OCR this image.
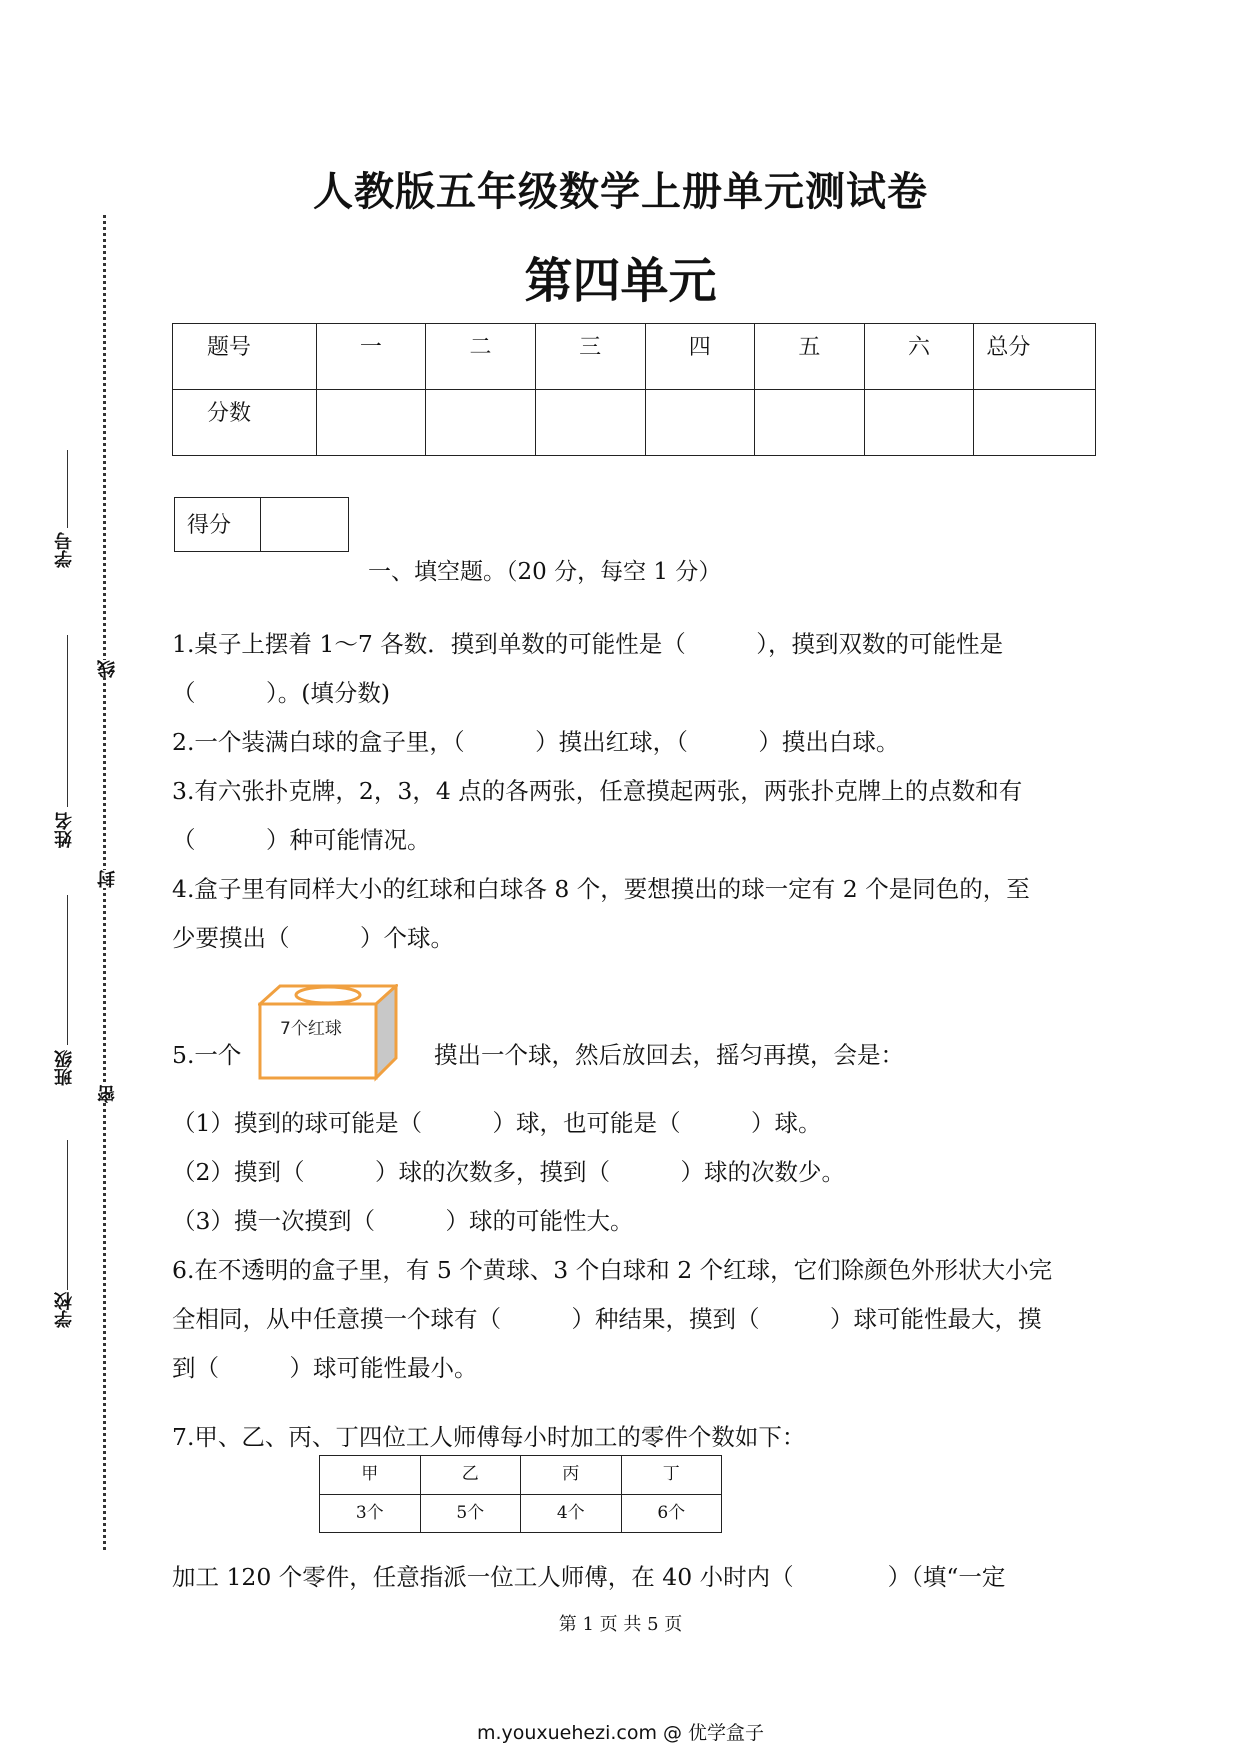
学号
姓名
班级
学校
线
封
密
人教版五年级数学上册单元测试卷
第四单元
题号	一	二	三	四	五	六	总分
分数							
得分
一、填空题。（20 分，每空 1 分）
1.桌子上摆着 1～7 各数．摸到单数的可能性是（　　　），摸到双数的可能性是
（　　　）。(填分数)
2.一个装满白球的盒子里，（　　　）摸出红球，（　　　）摸出白球。
3.有六张扑克牌，2，3，4 点的各两张，任意摸起两张，两张扑克牌上的点数和有
（　　　）种可能情况。
4.盒子里有同样大小的红球和白球各 8 个，要想摸出的球一定有 2 个是同色的，至
少要摸出（　　　）个球。
5.一个
7个红球
摸出一个球，然后放回去，摇匀再摸，会是：
（1）摸到的球可能是（　　　）球，也可能是（　　　）球。
（2）摸到（　　　）球的次数多，摸到（　　　）球的次数少。
（3）摸一次摸到（　　　）球的可能性大。
6.在不透明的盒子里，有 5 个黄球、3 个白球和 2 个红球，它们除颜色外形状大小完
全相同，从中任意摸一个球有（　　　）种结果，摸到（　　　）球可能性最大，摸
到（　　　）球可能性最小。
7.甲、乙、丙、丁四位工人师傅每小时加工的零件个数如下：
甲	乙	丙	丁
3个	5个	4个	6个
加工 120 个零件，任意指派一位工人师傅，在 40 小时内（　　　　）（填“一定
第 1 页 共 5 页
m.youxuehezi.com @ 优学盒子
